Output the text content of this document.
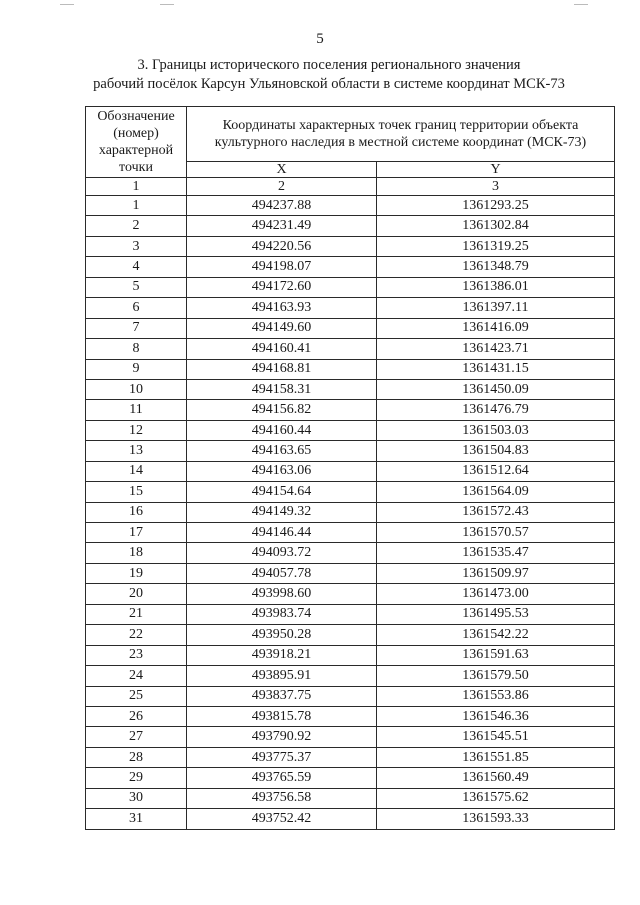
5
3. Границы исторического поселения регионального значения
рабочий посёлок Карсун Ульяновской области в системе координат МСК-73
Обозначение (номер) характерной точки	Координаты характерных точек границ территории объекта культурного наследия в местной системе координат (МСК-73)	
	X	Y
1	2	3
1	494237.88	1361293.25
2	494231.49	1361302.84
3	494220.56	1361319.25
4	494198.07	1361348.79
5	494172.60	1361386.01
6	494163.93	1361397.11
7	494149.60	1361416.09
8	494160.41	1361423.71
9	494168.81	1361431.15
10	494158.31	1361450.09
11	494156.82	1361476.79
12	494160.44	1361503.03
13	494163.65	1361504.83
14	494163.06	1361512.64
15	494154.64	1361564.09
16	494149.32	1361572.43
17	494146.44	1361570.57
18	494093.72	1361535.47
19	494057.78	1361509.97
20	493998.60	1361473.00
21	493983.74	1361495.53
22	493950.28	1361542.22
23	493918.21	1361591.63
24	493895.91	1361579.50
25	493837.75	1361553.86
26	493815.78	1361546.36
27	493790.92	1361545.51
28	493775.37	1361551.85
29	493765.59	1361560.49
30	493756.58	1361575.62
31	493752.42	1361593.33
